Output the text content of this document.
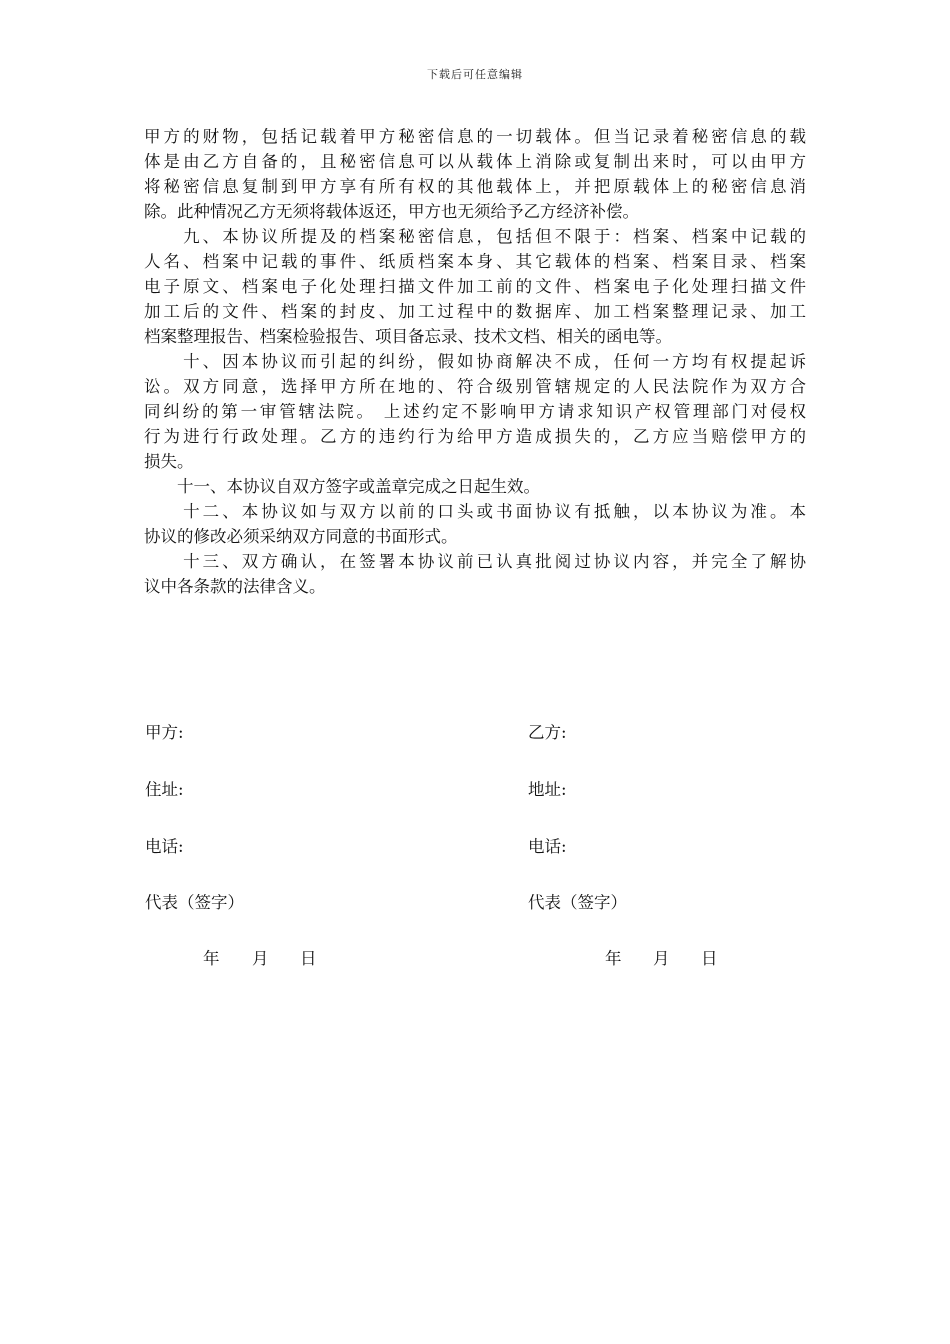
下载后可任意编辑
甲方的财物，包括记载着甲方秘密信息的一切载体。但当记录着秘密信息的载
体是由乙方自备的，且秘密信息可以从载体上消除或复制出来时，可以由甲方
将秘密信息复制到甲方享有所有权的其他载体上，并把原载体上的秘密信息消
除。此种情况乙方无须将载体返还，甲方也无须给予乙方经济补偿。
　　九、本协议所提及的档案秘密信息，包括但不限于：档案、档案中记载的
人名、档案中记载的事件、纸质档案本身、其它载体的档案、档案目录、档案
电子原文、档案电子化处理扫描文件加工前的文件、档案电子化处理扫描文件
加工后的文件、档案的封皮、加工过程中的数据库、加工档案整理记录、加工
档案整理报告、档案检验报告、项目备忘录、技术文档、相关的函电等。
　　十、因本协议而引起的纠纷，假如协商解决不成，任何一方均有权提起诉
讼。双方同意，选择甲方所在地的、符合级别管辖规定的人民法院作为双方合
同纠纷的第一审管辖法院。 上述约定不影响甲方请求知识产权管理部门对侵权
行为进行行政处理。乙方的违约行为给甲方造成损失的，乙方应当赔偿甲方的
损失。
　　十一、本协议自双方签字或盖章完成之日起生效。
　　十二、本协议如与双方以前的口头或书面协议有抵触，以本协议为准。本
协议的修改必须采纳双方同意的书面形式。
　　十三、双方确认，在签署本协议前已认真批阅过协议内容，并完全了解协
议中各条款的法律含义。
甲方:	乙方:
住址:	地址:
电话:	电话:
代表（签字）	代表（签字）
年 月 日	年 月 日
